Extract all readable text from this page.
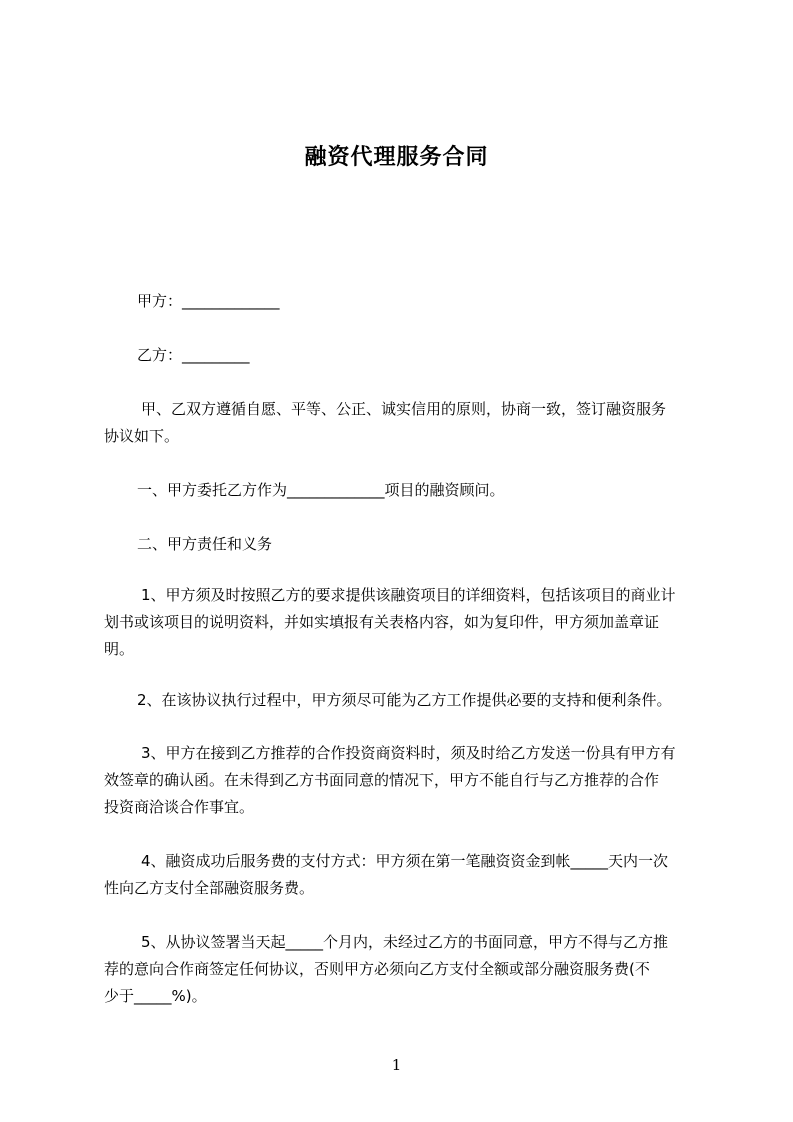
融资代理服务合同
甲方：_____________
乙方：_________
甲、乙双方遵循自愿、平等、公正、诚实信用的原则，协商一致，签订融资服务
协议如下。
一、甲方委托乙方作为_____________项目的融资顾问。
二、甲方责任和义务
1、甲方须及时按照乙方的要求提供该融资项目的详细资料，包括该项目的商业计
划书或该项目的说明资料，并如实填报有关表格内容，如为复印件，甲方须加盖章证
明。
2、在该协议执行过程中，甲方须尽可能为乙方工作提供必要的支持和便利条件。
3、甲方在接到乙方推荐的合作投资商资料时，须及时给乙方发送一份具有甲方有
效签章的确认函。在未得到乙方书面同意的情况下，甲方不能自行与乙方推荐的合作
投资商洽谈合作事宜。
4、融资成功后服务费的支付方式：甲方须在第一笔融资资金到帐_____天内一次
性向乙方支付全部融资服务费。
5、从协议签署当天起_____个月内，未经过乙方的书面同意，甲方不得与乙方推
荐的意向合作商签定任何协议，否则甲方必须向乙方支付全额或部分融资服务费(不
少于_____%)。
1
